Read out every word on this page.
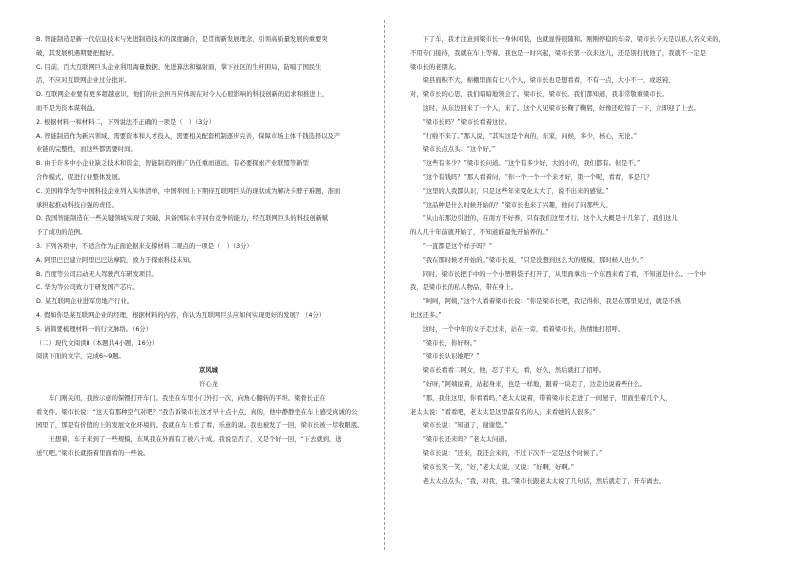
B. 智能制造是新一代信息技术与先进制造技术的深度融合，是贯彻新发展理念，引领高质量发展的重要突
破，其发展机遇期要把握好。
C. 目前，百大互联网巨头企业利用海量数据、先进算法和辐射面，掌下社区的生杆困局，防嗝了国民生
活，不应对互联网企业过分批评。
D. 互联网企业要有更多超越意识，他们的社会担当应体现在对今人心般影响的科技创新的追求和推进上，
而不是为资本谋利益。
2. 根据材料一和材料二，下列说法不正确的一项是（　）（3分）
A. 智能制造作为新兴领域，需要资本和人才投入，需要相关配套机制逐步完善，保障市场主体千钱选择以及产
业链的完整性，而这些都需要时间。
B. 由于许多中小企业缺乏技术和资金，智能制造的推广仍任重而道远，有必要探索产业联盟等新型
合作模式，促进行业整体发展。
C. 美国将华为等中国科技企业列入实体清单，中国举国上下期待互联网巨头的现状成为解决卡脖子难题，准而
承担起推动科技自强的责任。
D. 我国智能制造在一些关键领域实现了突破，具备国际水平同台竞争的能力，经互联网巨头的科技创新赋
予了成功的范例。
3. 下列各项中，不适合作为正面论据来支撑材料二观点的一项是（　）（3分）
A. 阿里巴巴建立阿里巴巴达摩院，致力于探索科技未知。
B. 百度等公司启动无人驾驶汽车研发项目。
C. 华为等公司致力于研发国产芯片。
D. 某互联网企业进军房地产行业。
4. 假如你是某互联网企业的经理，根据材料的内容，你认为互联网巨头应如何实现更好的发展？（4分）
5. 请简要梳理材料一的行文脉络。（6分）
（二）现代文阅读Ⅱ（本题共4小题，16分）
阅读下面的文字，完成6~9题。
京风城
许心龙
　　车门刚关闭，我按示意的保镖打开车门。我坐在车里小门外打一次，向角心翻转的平坦。梁骨长正在
看文件。梁市长说：“这天有那种空气对吧？”我告诉梁市长这才早十点十点，真的，他中静静坐在车上感受真诚的公
园里了，那是有价值的上的发展文化环境的。我就在车上看了看，乐意的说。我也被发了一回，梁市长被一尽收眼底。
　　王想着，车子来到了一些规模，东风我在外面有了被六十成。我说是否了，又是个好一回，“下去就到，送
送气吧。”梁市长就指着里面看的一些说。
　　下了车，我才注意到梁市长一身休闲装，也就显得很随和。刚刚停稳的车旁，梁市长今天是以私人名义来的，
不用专门接待，我就在车上等着。我也是一时兴起，梁市长第一次来这儿，还是别打扰他了，我就不一定是
梁市长的老朋友。
　　梁县面积不大，棉棚里面有七八个人，梁市长也是想看看，不有一点，大小不一，或迟钝，
对，梁市长的心思，我们暗暗地领会了。梁市长，梁市长。我们都知道，我非常敬重梁市长。
　　这时，从东边回来了一个人，来了。这个人见梁市长鞠了鞠躬，好像还吃惊了一下，立即迎了上去。
　　“梁市长吗？”梁市长看着这位。
　　“行啦不来了。”那人说，“其实这是个真的，东家，问候，多少，核心，无论。”
　　梁市长点点头：“这个好。”
　　“这些有多少？”梁市长问道。“这个有多少好，大的小的，我们都有。但是不。”
　　“这个有钱吗？”那人看着问，“你一个一个一个来才好，第一个呢，看看，多是几？
　　“这里的人我都认识，只是这些年来变化太大了，说不出来的感觉。”
　　“这品种是什么时候开始的？”梁市长也来了兴趣，他问了问那些人。
　　“从山东那边引进的，在南方不好养，只有我们这里才行。这个人大概是十几年了，我们这儿
的人几十年前就开始了，不知道谁最先开始养的。”
　　“一直都是这个样子吗？”
　　“我在那时候才开始的。”梁市长说，“只是没想到这么大的规模，那时候人也少。”
　　同时，梁市长把手中的一个小塑料袋子打开了，从里面拿出一个东西来看了看，不知道是什么。一个中
我，是梁市长的私人物品，带在身上。
　　“呵呵，阿姨，”这个人看着梁市长说：“你是梁市长吧，我记得你，我是在那里见过，就是不熟
比这还多。”
　　这时，一个中年的女子走过来，站在一旁，看着梁市长，热情地打招呼。
　　“梁市长，你好呀。”
　　“梁市长认识她吧？”
　　梁市长看看二阿女，他，忍了半天，看，好久，然后就打了招呼。
　　“好呀，”阿姨说着，站起身来，也是一样地，跟着一块走了，边走边说着些什么。
　　“那，我住这里，你看看吗，”老太太说着，带着梁市长走进了一间屋子，里面坐着几个人，
老太太说：“看看吧，老太太是这里最有名的人，来看她的人很多。”
　　梁市长说：“知道了，谢谢您。”
　　“梁市长还来吗？”老太太问道。
　　梁市长说：“还来，我还会来的，不过下次不一定是这个时候了。”
　　梁市长笑一笑，“好，”老太太说，又说：“好啊，好啊。”
　　老太太点点头，“我，对我，我。”梁市长跟老太太说了几句话，然后就走了，开车离去。
